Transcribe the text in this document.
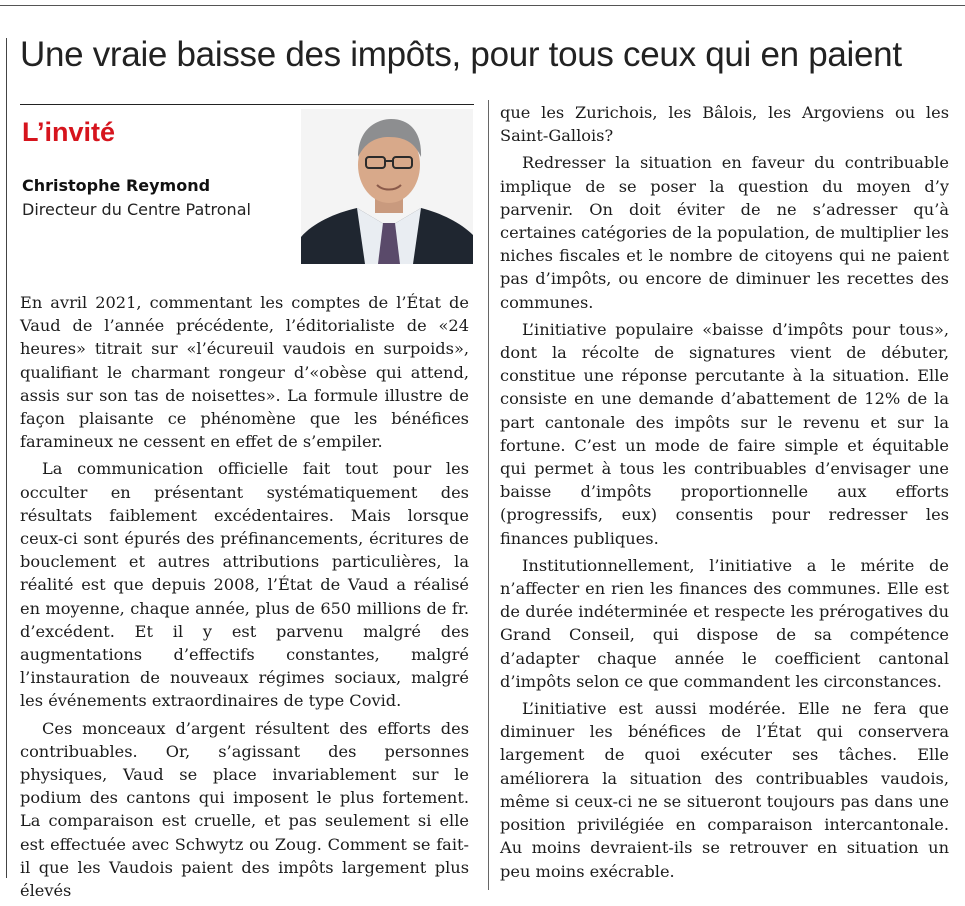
Une vraie baisse des impôts, pour tous ceux qui en paient
L’invité
Christophe Reymond
Directeur du Centre Patronal

En avril 2021, commentant les comptes de l’État de Vaud de l’année précédente, l’éditorialiste de «24 heures» titrait sur «l’écureuil vaudois en surpoids», qualifiant le charmant rongeur d’«obèse qui attend, assis sur son tas de noisettes». La formule illustre de façon plaisante ce phénomène que les bénéfices faramineux ne cessent en effet de s’empiler.

La communication officielle fait tout pour les occulter en présentant systématiquement des résultats faiblement excédentaires. Mais lorsque ceux-ci sont épurés des préfinancements, écritures de bouclement et autres attributions particulières, la réalité est que depuis 2008, l’État de Vaud a réalisé en moyenne, chaque année, plus de 650 millions de fr. d’excédent. Et il y est parvenu malgré des augmentations d’effectifs constantes, malgré l’instauration de nouveaux régimes sociaux, malgré les événements extraordinaires de type Covid.

Ces monceaux d’argent résultent des efforts des contribuables. Or, s’agissant des personnes physiques, Vaud se place invariablement sur le podium des cantons qui imposent le plus fortement. La comparaison est cruelle, et pas seulement si elle est effectuée avec Schwytz ou Zoug. Comment se fait-il que les Vaudois paient des impôts largement plus élevés

que les Zurichois, les Bâlois, les Argoviens ou les Saint-Gallois?

Redresser la situation en faveur du contribuable implique de se poser la question du moyen d’y parvenir. On doit éviter de ne s’adresser qu’à certaines catégories de la population, de multiplier les niches fiscales et le nombre de citoyens qui ne paient pas d’impôts, ou encore de diminuer les recettes des communes.

L’initiative populaire «baisse d’impôts pour tous», dont la récolte de signatures vient de débuter, constitue une réponse percutante à la situation. Elle consiste en une demande d’abattement de 12% de la part cantonale des impôts sur le revenu et sur la fortune. C’est un mode de faire simple et équitable qui permet à tous les contribuables d’envisager une baisse d’impôts proportionnelle aux efforts (progressifs, eux) consentis pour redresser les finances publiques.

Institutionnellement, l’initiative a le mérite de n’affecter en rien les finances des communes. Elle est de durée indéterminée et respecte les prérogatives du Grand Conseil, qui dispose de sa compétence d’adapter chaque année le coefficient cantonal d’impôts selon ce que commandent les circonstances.

L’initiative est aussi modérée. Elle ne fera que diminuer les bénéfices de l’État qui conservera largement de quoi exécuter ses tâches. Elle améliorera la situation des contribuables vaudois, même si ceux-ci ne se situeront toujours pas dans une position privilégiée en comparaison intercantonale. Au moins devraient-ils se retrouver en situation un peu moins exécrable.
